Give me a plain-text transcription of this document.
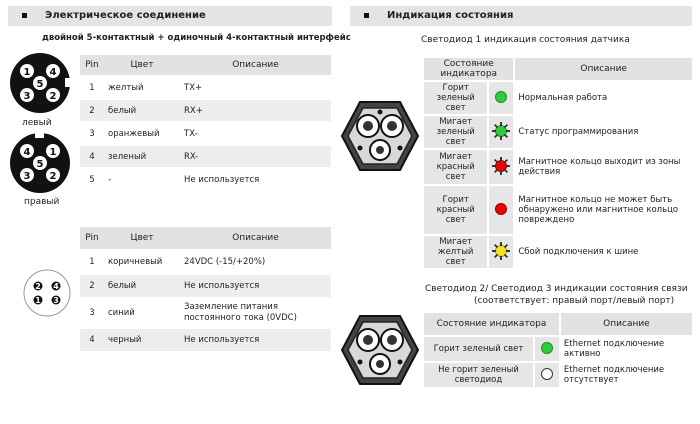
Электрическое соединение
двойной 5-контактный + одиночный 4-контактный интерфейс
1
5
4
3 2
левый
4
5
1
3 2
правый
Pin	Цвет	Описание
1	желтый	TX+
2	белый	RX+
3	оранжевый	TX-
4	зеленый	RX-
5	-	Не используется
2 4
1 3
Pin	Цвет	Описание
1	коричневый	24VDC (-15/+20%)
2	белый	Не используется
3	синий	Заземление питания постоянного тока (0VDC)
4	черный	Не используется
Индикация состояния
Светодиод 1 индикация состояния датчика
Состояние индикатора		Описание
Горит зеленый свет		Нормальная работа
Мигает зеленый свет		Статус программирования
Мигает красный свет		Магнитное кольцо выходит из зоны действия
Горит красный свет		Магнитное кольцо не может быть обнаружено или магнитное кольцо повреждено
Мигает желтый свет		Сбой подключения к шине
Светодиод 2/ Светодиод 3 индикации состояния связи
(соответствует: правый порт/левый порт)
Состояние индикатора		Описание
Горит зеленый свет		Ethernet подключение активно
Не горит зеленый светодиод		Ethernet подключение отсутствует
